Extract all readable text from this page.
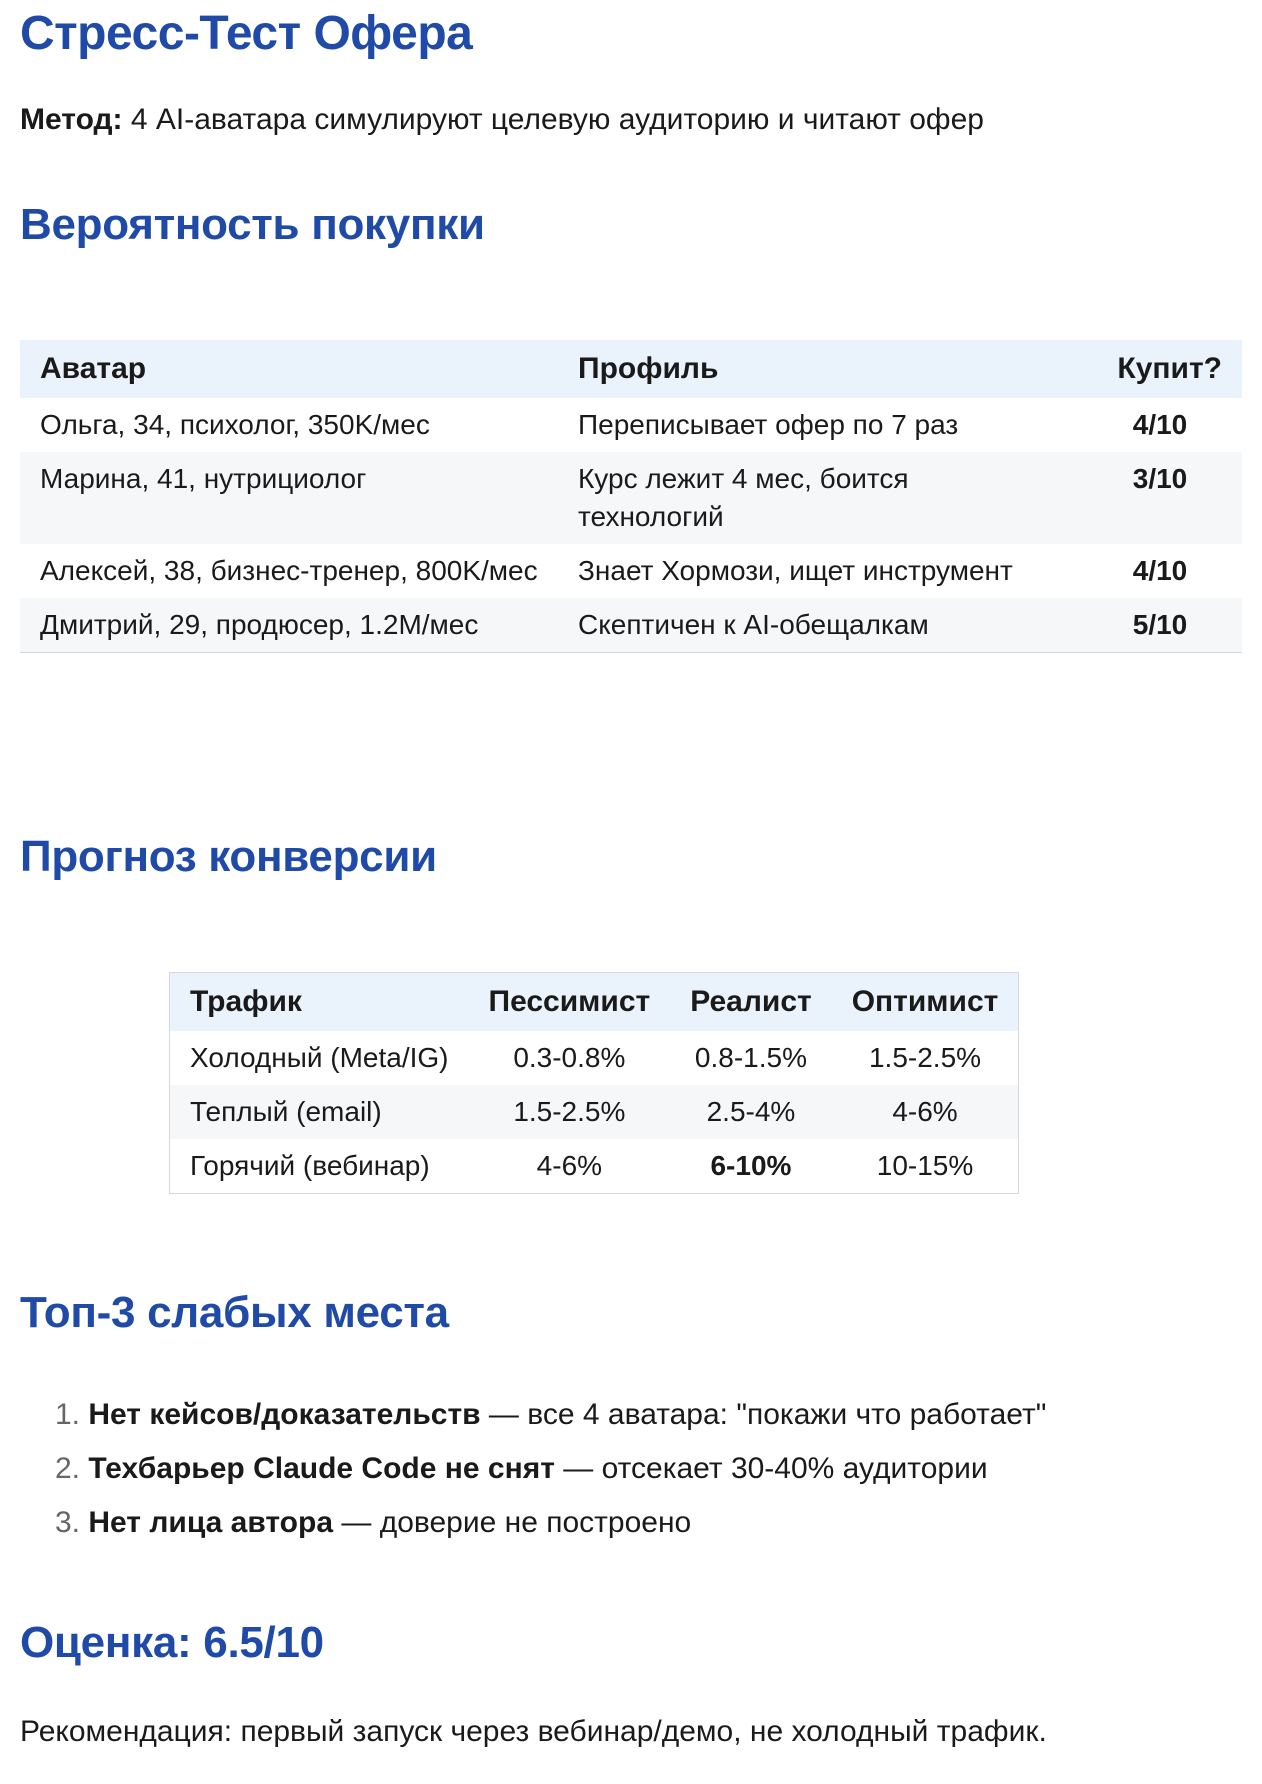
Стресс-Тест Офера

Метод: 4 AI-аватара симулируют целевую аудиторию и читают офер

Вероятность покупки
Аватар	Профиль	Купит?
Ольга, 34, психолог, 350K/мес	Переписывает офер по 7 раз	4/10
Марина, 41, нутрициолог	Курс лежит 4 мес, боится технологий	3/10
Алексей, 38, бизнес-тренер, 800K/мес	Знает Хормози, ищет инструмент	4/10
Дмитрий, 29, продюсер, 1.2M/мес	Скептичен к AI-обещалкам	5/10
Прогноз конверсии
Трафик	Пессимист	Реалист	Оптимист
Холодный (Meta/IG)	0.3-0.8%	0.8-1.5%	1.5-2.5%
Теплый (email)	1.5-2.5%	2.5-4%	4-6%
Горячий (вебинар)	4-6%	6-10%	10-15%
Топ-3 слабых места
1. Нет кейсов/доказательств — все 4 аватара: "покажи что работает"
2. Техбарьер Claude Code не снят — отсекает 30-40% аудитории
3. Нет лица автора — доверие не построено
Оценка: 6.5/10

Рекомендация: первый запуск через вебинар/демо, не холодный трафик.
